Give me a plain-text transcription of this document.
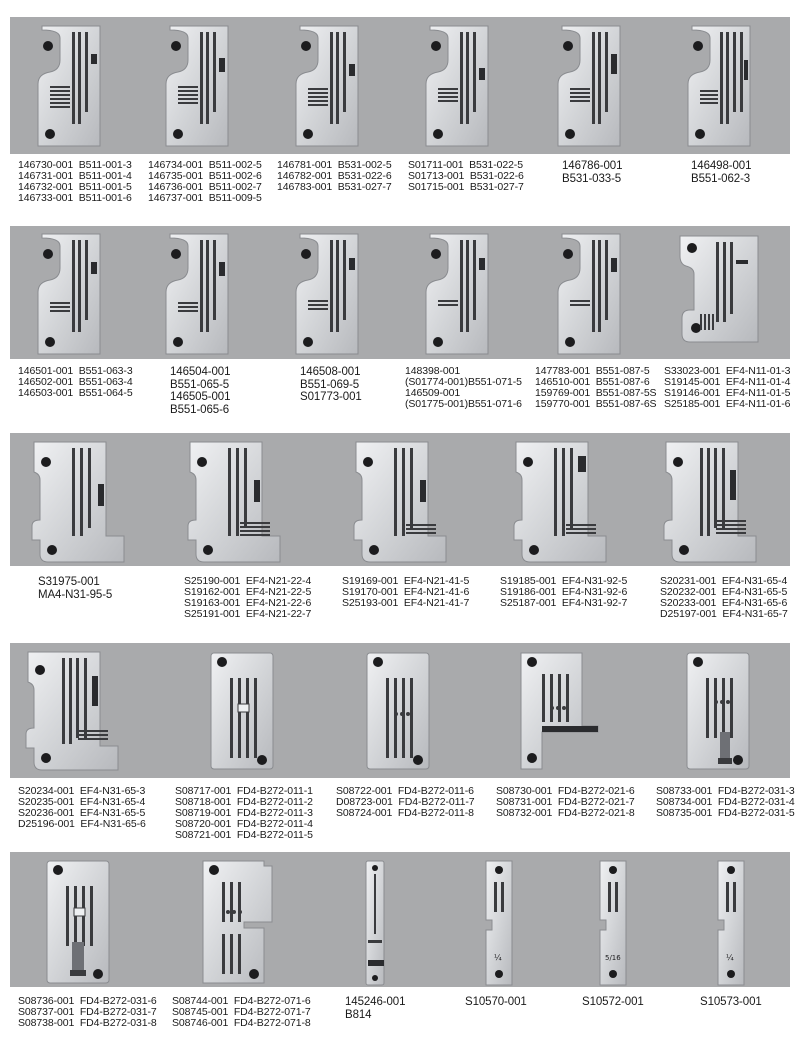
146730-001  B511-001-3
146731-001  B511-001-4
146732-001  B511-001-5
146733-001  B511-001-6
146734-001  B511-002-5
146735-001  B511-002-6
146736-001  B511-002-7
146737-001  B511-009-5
146781-001  B531-002-5
146782-001  B531-022-6
146783-001  B531-027-7
S01711-001  B531-022-5
S01713-001  B531-022-6
S01715-001  B531-027-7
146786-001
B531-033-5
146498-001
B551-062-3
146501-001  B551-063-3
146502-001  B551-063-4
146503-001  B551-064-5
146504-001
B551-065-5
146505-001
B551-065-6
146508-001
B551-069-5
S01773-001
148398-001
(S01774-001)B551-071-5
146509-001
(S01775-001)B551-071-6
147783-001  B551-087-5
146510-001  B551-087-6
159769-001  B551-087-5S
159770-001  B551-087-6S
S33023-001  EF4-N11-01-3
S19145-001  EF4-N11-01-4
S19146-001  EF4-N11-01-5
S25185-001  EF4-N11-01-6
S31975-001
MA4-N31-95-5
S25190-001  EF4-N21-22-4
S19162-001  EF4-N21-22-5
S19163-001  EF4-N21-22-6
S25191-001  EF4-N21-22-7
S19169-001  EF4-N21-41-5
S19170-001  EF4-N21-41-6
S25193-001  EF4-N21-41-7
S19185-001  EF4-N31-92-5
S19186-001  EF4-N31-92-6
S25187-001  EF4-N31-92-7
S20231-001  EF4-N31-65-4
S20232-001  EF4-N31-65-5
S20233-001  EF4-N31-65-6
D25197-001  EF4-N31-65-7
S20234-001  EF4-N31-65-3
S20235-001  EF4-N31-65-4
S20236-001  EF4-N31-65-5
D25196-001  EF4-N31-65-6
S08717-001  FD4-B272-011-1
S08718-001  FD4-B272-011-2
S08719-001  FD4-B272-011-3
S08720-001  FD4-B272-011-4
S08721-001  FD4-B272-011-5
S08722-001  FD4-B272-011-6
D08723-001  FD4-B272-011-7
S08724-001  FD4-B272-011-8
S08730-001  FD4-B272-021-6
S08731-001  FD4-B272-021-7
S08732-001  FD4-B272-021-8
S08733-001  FD4-B272-031-3
S08734-001  FD4-B272-031-4
S08735-001  FD4-B272-031-5
¼	5/16	¼
S08736-001  FD4-B272-031-6
S08737-001  FD4-B272-031-7
S08738-001  FD4-B272-031-8
S08744-001  FD4-B272-071-6
S08745-001  FD4-B272-071-7
S08746-001  FD4-B272-071-8
145246-001
B814
S10570-001	S10572-001	S10573-001
